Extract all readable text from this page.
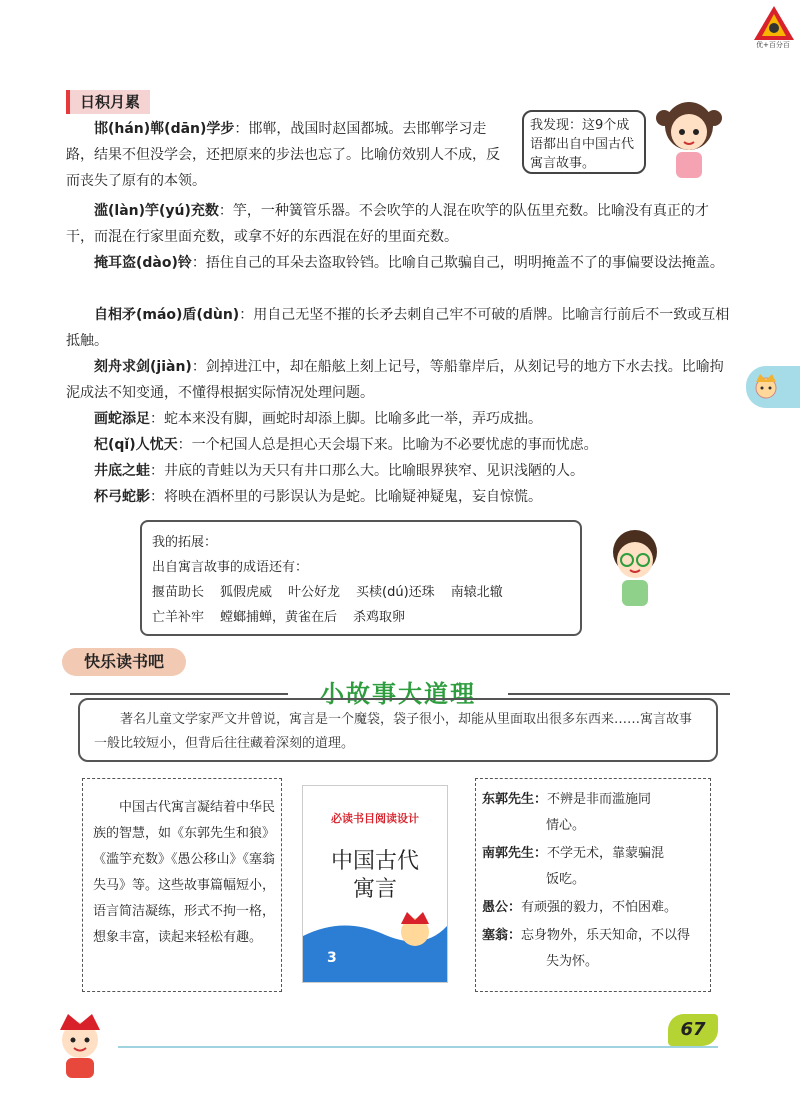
优+百分百
日积月累
邯(hán)郸(dān)学步：邯郸，战国时赵国都城。去邯郸学习走路，结果不但没学会，还把原来的步法也忘了。比喻仿效别人不成，反而丧失了原有的本领。
我发现：这9个成语都出自中国古代寓言故事。
滥(làn)竽(yú)充数：竽，一种簧管乐器。不会吹竽的人混在吹竽的队伍里充数。比喻没有真正的才干，而混在行家里面充数，或拿不好的东西混在好的里面充数。
掩耳盗(dào)铃：捂住自己的耳朵去盗取铃铛。比喻自己欺骗自己，明明掩盖不了的事偏要设法掩盖。
自相矛(máo)盾(dùn)：用自己无坚不摧的长矛去刺自己牢不可破的盾牌。比喻言行前后不一致或互相抵触。
刻舟求剑(jiàn)：剑掉进江中，却在船舷上刻上记号，等船靠岸后，从刻记号的地方下水去找。比喻拘泥成法不知变通，不懂得根据实际情况处理问题。
画蛇添足：蛇本来没有脚，画蛇时却添上脚。比喻多此一举，弄巧成拙。
杞(qǐ)人忧天：一个杞国人总是担心天会塌下来。比喻为不必要忧虑的事而忧虑。
井底之蛙：井底的青蛙以为天只有井口那么大。比喻眼界狭窄、见识浅陋的人。
杯弓蛇影：将映在酒杯里的弓影误认为是蛇。比喻疑神疑鬼，妄自惊慌。
我的拓展：
出自寓言故事的成语还有：
揠苗助长 狐假虎威 叶公好龙 买椟(dú)还珠 南辕北辙
亡羊补牢 螳螂捕蝉，黄雀在后 杀鸡取卵
快乐读书吧
小故事大道理
著名儿童文学家严文井曾说，寓言是一个魔袋，袋子很小，却能从里面取出很多东西来……寓言故事一般比较短小，但背后往往藏着深刻的道理。
中国古代寓言凝结着中华民族的智慧，如《东郭先生和狼》《滥竽充数》《愚公移山》《塞翁失马》等。这些故事篇幅短小，语言简洁凝练，形式不拘一格，想象丰富，读起来轻松有趣。
必读书目阅读设计
中国古代
寓言
3
东郭先生：不辨是非而滥施同
情心。
南郭先生：不学无术，靠蒙骗混
饭吃。
愚公：有顽强的毅力，不怕困难。
塞翁：忘身物外，乐天知命，不以得
失为怀。
67
